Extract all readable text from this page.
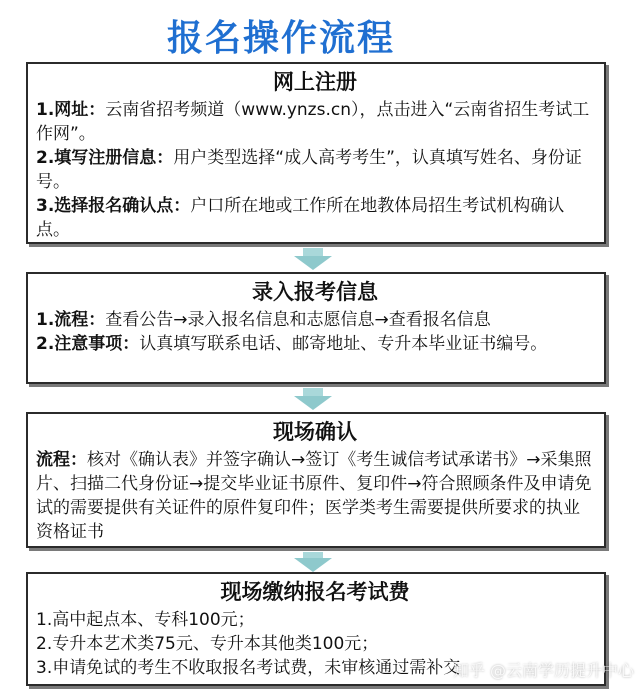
报名操作流程
网上注册

1.网址：云南省招考频道（www.ynzs.cn），点击进入“云南省招生考试工作网”。

2.填写注册信息：用户类型选择“成人高考考生”，认真填写姓名、身份证号。

3.选择报名确认点：户口所在地或工作所在地教体局招生考试机构确认点。

录入报考信息

1.流程：查看公告→录入报名信息和志愿信息→查看报名信息

2.注意事项：认真填写联系电话、邮寄地址、专升本毕业证书编号。

现场确认

流程：核对《确认表》并签字确认→签订《考生诚信考试承诺书》→采集照片、扫描二代身份证→提交毕业证书原件、复印件→符合照顾条件及申请免试的需要提供有关证件的原件复印件；医学类考生需要提供所要求的执业资格证书

现场缴纳报名考试费

1.高中起点本、专科100元；

2.专升本艺术类75元、专升本其他类100元；

3.申请免试的考生不收取报名考试费，未审核通过需补交

知乎 @云南学历提升中心
